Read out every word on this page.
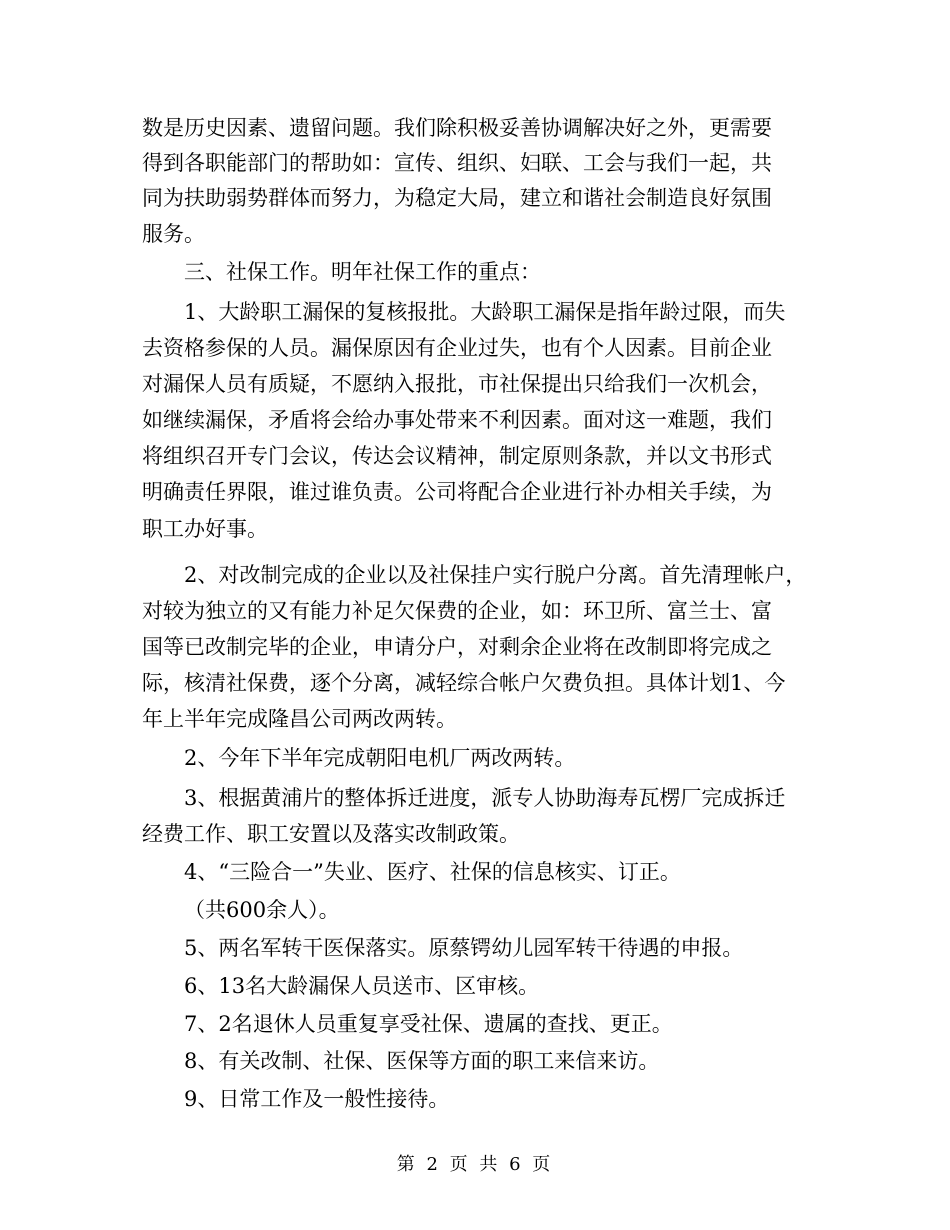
数是历史因素、遗留问题。我们除积极妥善协调解决好之外，更需要
得到各职能部门的帮助如：宣传、组织、妇联、工会与我们一起，共
同为扶助弱势群体而努力，为稳定大局，建立和谐社会制造良好氛围
服务。
三、社保工作。明年社保工作的重点：
1、大龄职工漏保的复核报批。大龄职工漏保是指年龄过限，而失
去资格参保的人员。漏保原因有企业过失，也有个人因素。目前企业
对漏保人员有质疑，不愿纳入报批，市社保提出只给我们一次机会，
如继续漏保，矛盾将会给办事处带来不利因素。面对这一难题，我们
将组织召开专门会议，传达会议精神，制定原则条款，并以文书形式
明确责任界限，谁过谁负责。公司将配合企业进行补办相关手续，为
职工办好事。
2、对改制完成的企业以及社保挂户实行脱户分离。首先清理帐户，
对较为独立的又有能力补足欠保费的企业，如：环卫所、富兰士、富
国等已改制完毕的企业，申请分户，对剩余企业将在改制即将完成之
际，核清社保费，逐个分离，减轻综合帐户欠费负担。具体计划1、今
年上半年完成隆昌公司两改两转。
2、今年下半年完成朝阳电机厂两改两转。
3、根据黄浦片的整体拆迁进度，派专人协助海寿瓦楞厂完成拆迁
经费工作、职工安置以及落实改制政策。
4、“三险合一”失业、医疗、社保的信息核实、订正。
（共600余人）。
5、两名军转干医保落实。原蔡锷幼儿园军转干待遇的申报。
6、13名大龄漏保人员送市、区审核。
7、2名退休人员重复享受社保、遗属的查找、更正。
8、有关改制、社保、医保等方面的职工来信来访。
9、日常工作及一般性接待。
第 2 页 共 6 页
